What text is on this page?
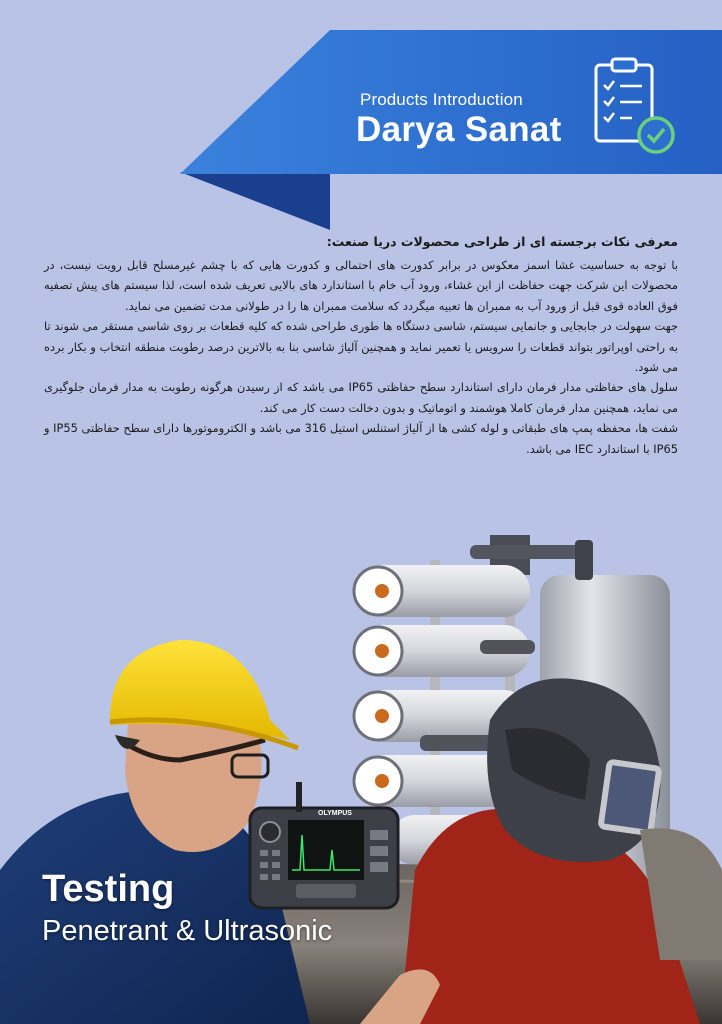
Products Introduction
Darya Sanat
معرفی نکات برجسته ای از طراحی محصولات دریا صنعت:

با توجه به حساسیت غشا اسمز معکوس در برابر کدورت های احتمالی و کدورت هایی که با چشم غیرمسلح قابل رویت نیست، در محصولات این شرکت جهت حفاظت از این غشاء، ورود آب خام با استاندارد های بالایی تعریف شده است، لذا سیستم های پیش تصفیه فوق العاده قوی قبل از ورود آب به ممبران ها تعبیه میگردد که سلامت ممبران ها را در طولانی مدت تضمین می نماید.

جهت سهولت در جابجایی و جانمایی سیستم، شاسی دستگاه ها طوری طراحی شده که کلیه قطعات بر روی شاسی مستقر می شوند تا به راحتی اوپراتور بتواند قطعات را سرویس یا تعمیر نماید و همچنین آلیاژ شاسی بنا به بالاترین درصد رطوبت منطقه انتخاب و بکار برده می شود.

سلول های حفاظتی مدار فرمان دارای استاندارد سطح حفاظتی IP65 می باشد که از رسیدن هرگونه رطوبت به مدار فرمان جلوگیری می نماید، همچنین مدار فرمان کاملا هوشمند و اتوماتیک و بدون دخالت دست کار می کند.

شفت ها، محفظه پمپ های طبقاتی و لوله کشی ها از آلیاژ استنلس استیل 316 می باشد و الکتروموتورها دارای سطح حفاظتی IP55 و IP65 با استاندارد IEC می باشد.

OLYMPUS
Testing
Penetrant & Ultrasonic
